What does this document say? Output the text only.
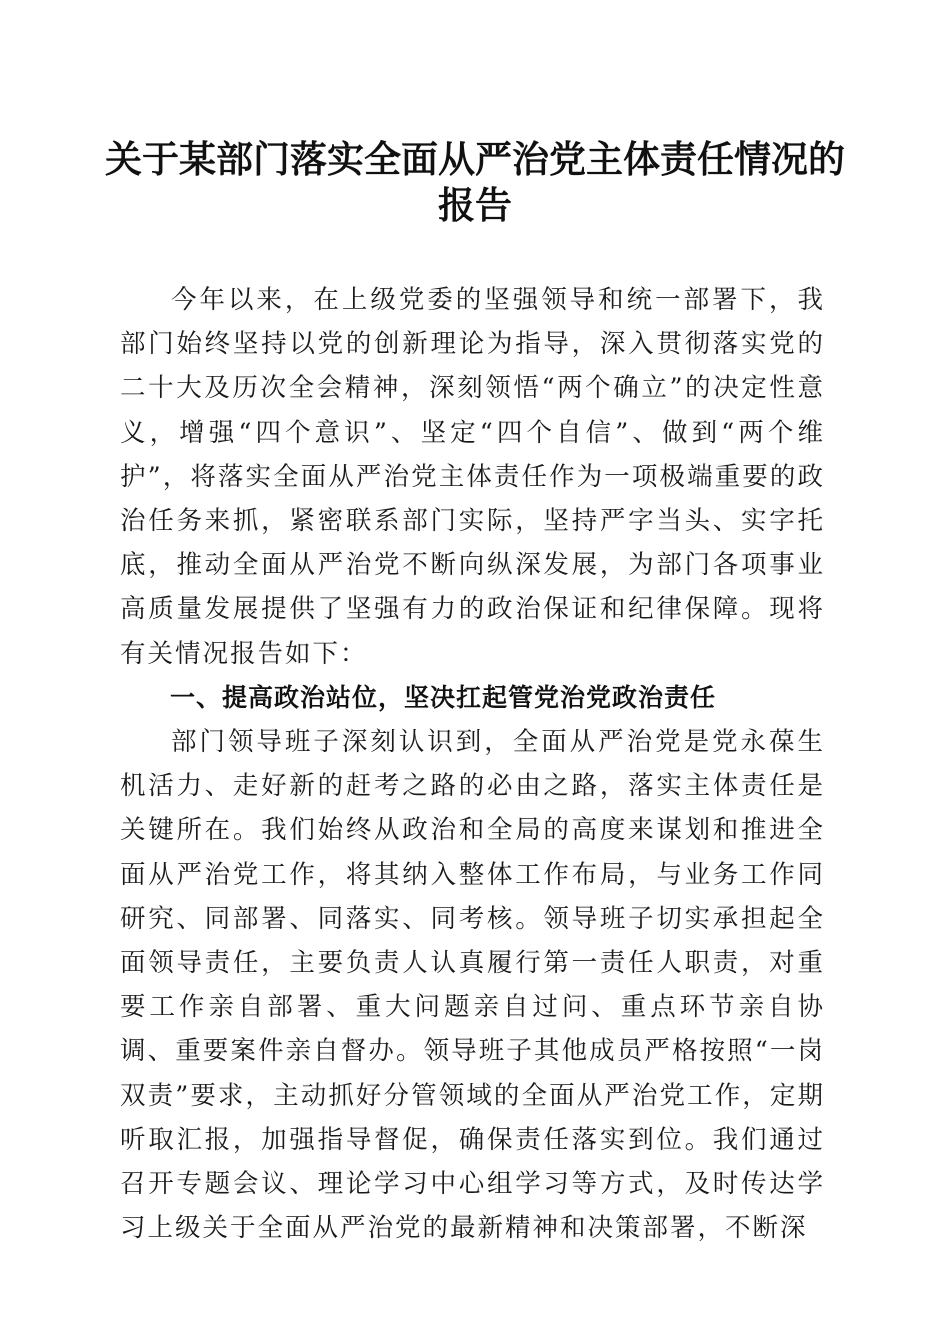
关于某部门落实全面从严治党主体责任情况的报告

今年以来，在上级党委的坚强领导和统一部署下，我部门始终坚持以党的创新理论为指导，深入贯彻落实党的二十大及历次全会精神，深刻领悟“两个确立”的决定性意义，增强“四个意识”、坚定“四个自信”、做到“两个维护”，将落实全面从严治党主体责任作为一项极端重要的政治任务来抓，紧密联系部门实际，坚持严字当头、实字托底，推动全面从严治党不断向纵深发展，为部门各项事业高质量发展提供了坚强有力的政治保证和纪律保障。现将有关情况报告如下：

一、提高政治站位，坚决扛起管党治党政治责任

部门领导班子深刻认识到，全面从严治党是党永葆生机活力、走好新的赶考之路的必由之路，落实主体责任是关键所在。我们始终从政治和全局的高度来谋划和推进全面从严治党工作，将其纳入整体工作布局，与业务工作同研究、同部署、同落实、同考核。领导班子切实承担起全面领导责任，主要负责人认真履行第一责任人职责，对重要工作亲自部署、重大问题亲自过问、重点环节亲自协调、重要案件亲自督办。领导班子其他成员严格按照“一岗双责”要求，主动抓好分管领域的全面从严治党工作，定期听取汇报，加强指导督促，确保责任落实到位。我们通过召开专题会议、理论学习中心组学习等方式，及时传达学习上级关于全面从严治党的最新精神和决策部署，不断深
